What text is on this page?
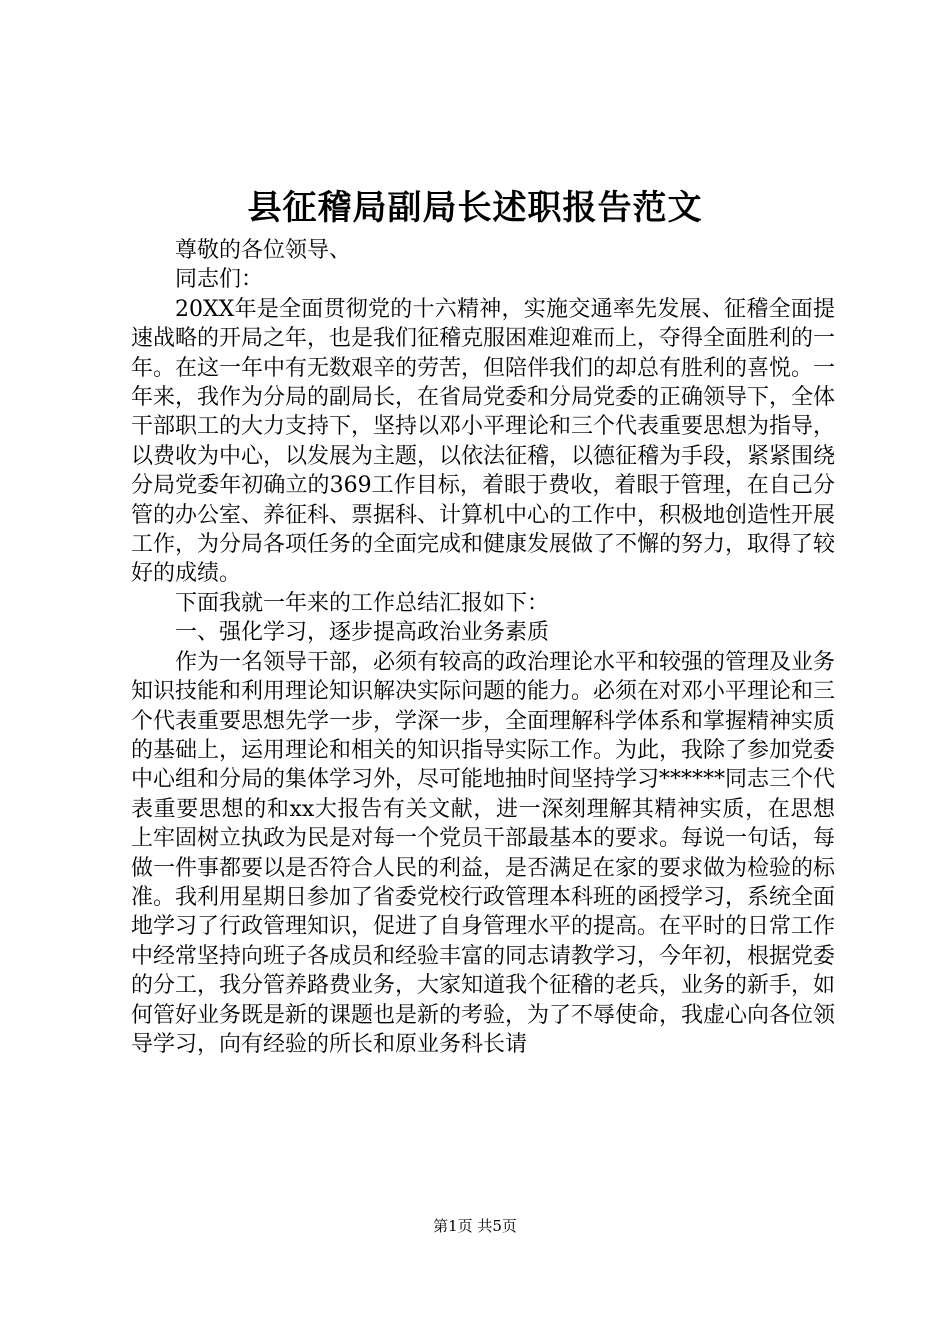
县征稽局副局长述职报告范文

尊敬的各位领导、

同志们：

20XX年是全面贯彻党的十六精神，实施交通率先发展、征稽全面提速战略的开局之年，也是我们征稽克服困难迎难而上，夺得全面胜利的一年。在这一年中有无数艰辛的劳苦，但陪伴我们的却总有胜利的喜悦。一年来，我作为分局的副局长，在省局党委和分局党委的正确领导下，全体干部职工的大力支持下，坚持以邓小平理论和三个代表重要思想为指导，以费收为中心，以发展为主题，以依法征稽，以德征稽为手段，紧紧围绕分局党委年初确立的369工作目标，着眼于费收，着眼于管理，在自己分管的办公室、养征科、票据科、计算机中心的工作中，积极地创造性开展工作，为分局各项任务的全面完成和健康发展做了不懈的努力，取得了较好的成绩。

下面我就一年来的工作总结汇报如下：

一、强化学习，逐步提高政治业务素质

作为一名领导干部，必须有较高的政治理论水平和较强的管理及业务知识技能和利用理论知识解决实际问题的能力。必须在对邓小平理论和三个代表重要思想先学一步，学深一步，全面理解科学体系和掌握精神实质的基础上，运用理论和相关的知识指导实际工作。为此，我除了参加党委中心组和分局的集体学习外，尽可能地抽时间坚持学习******同志三个代表重要思想的和xx大报告有关文献，进一深刻理解其精神实质，在思想上牢固树立执政为民是对每一个党员干部最基本的要求。每说一句话，每做一件事都要以是否符合人民的利益，是否满足在家的要求做为检验的标准。我利用星期日参加了省委党校行政管理本科班的函授学习，系统全面地学习了行政管理知识，促进了自身管理水平的提高。在平时的日常工作中经常坚持向班子各成员和经验丰富的同志请教学习，今年初，根据党委的分工，我分管养路费业务，大家知道我个征稽的老兵，业务的新手，如何管好业务既是新的课题也是新的考验，为了不辱使命，我虚心向各位领导学习，向有经验的所长和原业务科长请

第1页 共5页
